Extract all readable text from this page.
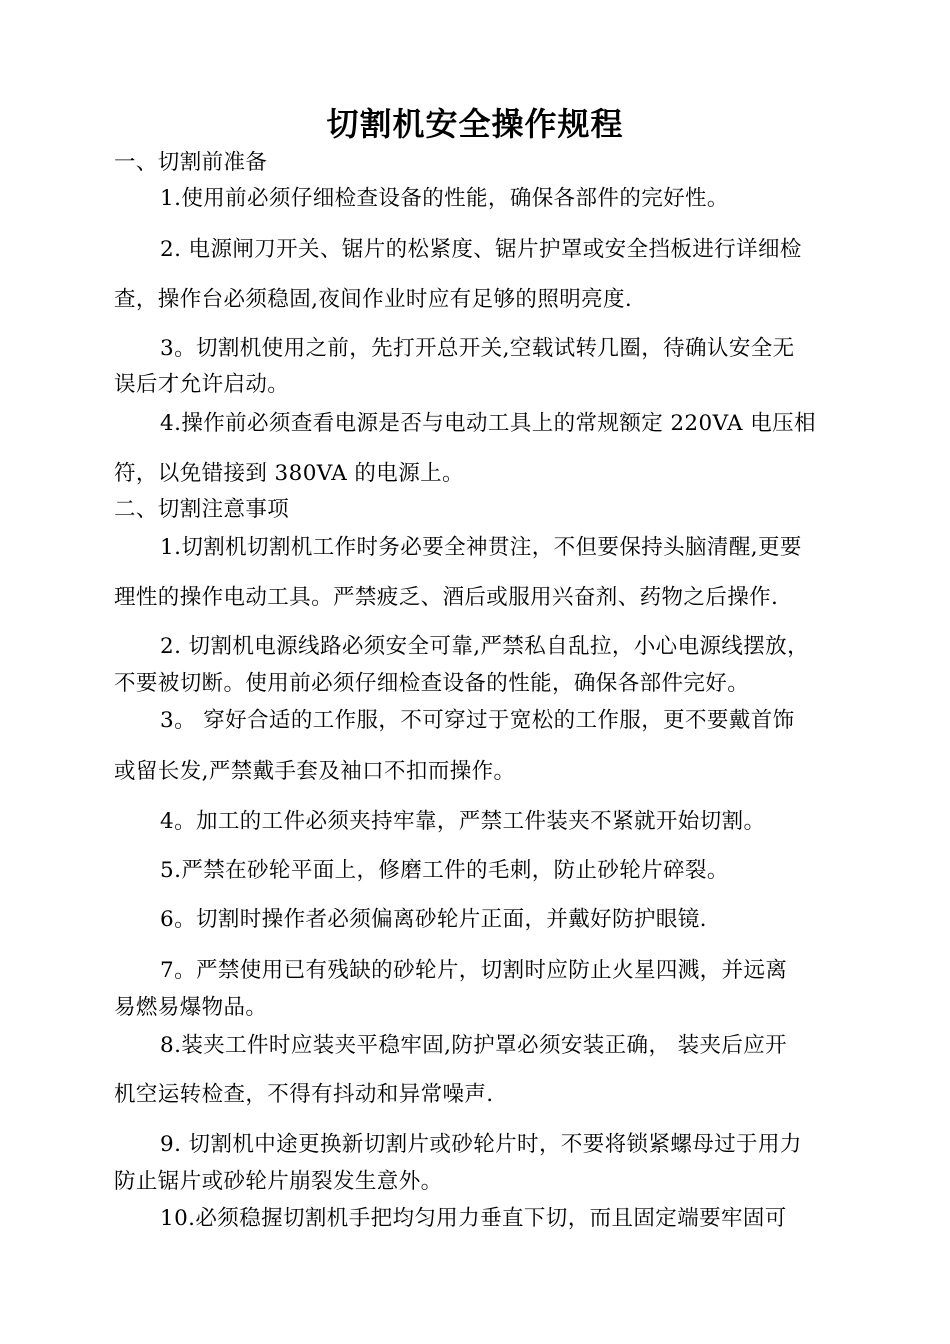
切割机安全操作规程
一、切割前准备
1.使用前必须仔细检查设备的性能，确保各部件的完好性。
2. 电源闸刀开关、锯片的松紧度、锯片护罩或安全挡板进行详细检
查，操作台必须稳固,夜间作业时应有足够的照明亮度.
3。切割机使用之前，先打开总开关,空载试转几圈，待确认安全无
误后才允许启动。
4.操作前必须查看电源是否与电动工具上的常规额定 220VA 电压相
符，以免错接到 380VA 的电源上。
二、切割注意事项
1.切割机切割机工作时务必要全神贯注，不但要保持头脑清醒,更要
理性的操作电动工具。严禁疲乏、酒后或服用兴奋剂、药物之后操作.
2. 切割机电源线路必须安全可靠,严禁私自乱拉，小心电源线摆放，
不要被切断。使用前必须仔细检查设备的性能，确保各部件完好。
3。 穿好合适的工作服，不可穿过于宽松的工作服，更不要戴首饰
或留长发,严禁戴手套及袖口不扣而操作。
4。加工的工件必须夹持牢靠，严禁工件装夹不紧就开始切割。
5.严禁在砂轮平面上，修磨工件的毛刺，防止砂轮片碎裂。
6。切割时操作者必须偏离砂轮片正面，并戴好防护眼镜.
7。严禁使用已有残缺的砂轮片，切割时应防止火星四溅，并远离
易燃易爆物品。
8.装夹工件时应装夹平稳牢固,防护罩必须安装正确， 装夹后应开
机空运转检查，不得有抖动和异常噪声.
9. 切割机中途更换新切割片或砂轮片时，不要将锁紧螺母过于用力
防止锯片或砂轮片崩裂发生意外。
10.必须稳握切割机手把均匀用力垂直下切，而且固定端要牢固可
